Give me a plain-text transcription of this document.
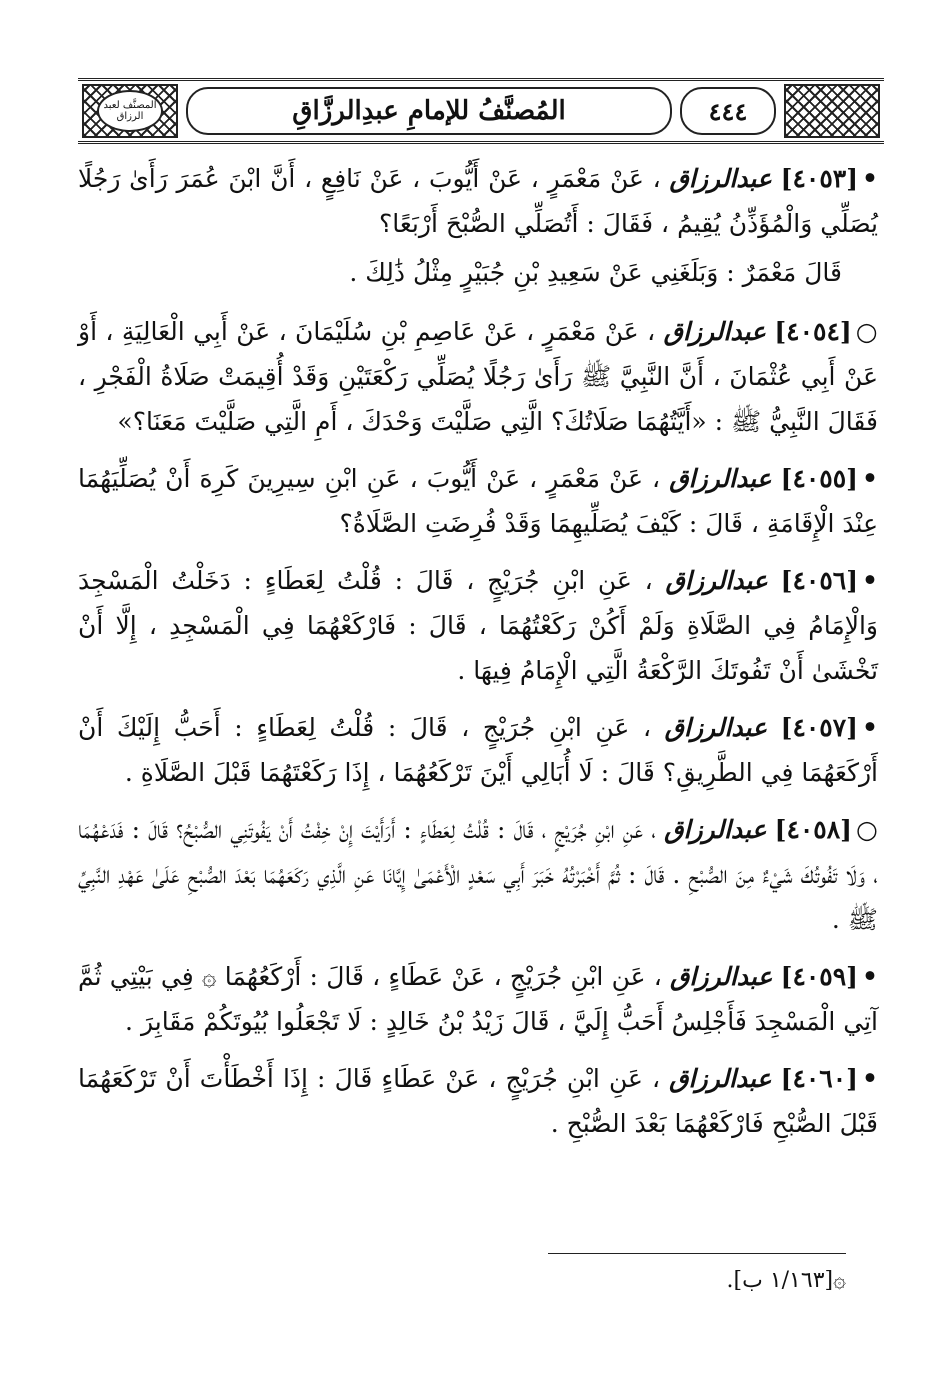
المصنَّف لعبد الرزاق	المُصنَّفُ للإمامِ عبدِالرزَّاقِ	٤٤٤
•[٤٠٥٣] عبدالرزاق ، عَنْ مَعْمَرٍ ، عَنْ أَيُّوبَ ، عَنْ نَافِعٍ ، أَنَّ ابْنَ عُمَرَ رَأَىٰ رَجُلًا يُصَلِّي وَالْمُؤَذِّنُ يُقِيمُ ، فَقَالَ : أَتُصَلِّي الصُّبْحَ أَرْبَعًا؟
قَالَ مَعْمَرٌ : وَبَلَغَنِي عَنْ سَعِيدِ بْنِ جُبَيْرٍ مِثْلُ ذَٰلِكَ .
○[٤٠٥٤] عبدالرزاق ، عَنْ مَعْمَرٍ ، عَنْ عَاصِمِ بْنِ سُلَيْمَانَ ، عَنْ أَبِي الْعَالِيَةِ ، أَوْ عَنْ أَبِي عُثْمَانَ ، أَنَّ النَّبِيَّ ﷺ رَأَىٰ رَجُلًا يُصَلِّي رَكْعَتَيْنِ وَقَدْ أُقِيمَتْ صَلَاةُ الْفَجْرِ ، فَقَالَ النَّبِيُّ ﷺ : «أَيَّتُهُمَا صَلَاتُكَ؟ الَّتِي صَلَّيْتَ وَحْدَكَ ، أَمِ الَّتِي صَلَّيْتَ مَعَنَا؟»
•[٤٠٥٥] عبدالرزاق ، عَنْ مَعْمَرٍ ، عَنْ أَيُّوبَ ، عَنِ ابْنِ سِيرِينَ كَرِهَ أَنْ يُصَلِّيَهُمَا عِنْدَ الْإِقَامَةِ ، قَالَ : كَيْفَ يُصَلِّيهِمَا وَقَدْ فُرِضَتِ الصَّلَاةُ؟
•[٤٠٥٦] عبدالرزاق ، عَنِ ابْنِ جُرَيْجٍ ، قَالَ : قُلْتُ لِعَطَاءٍ : دَخَلْتُ الْمَسْجِدَ وَالْإِمَامُ فِي الصَّلَاةِ وَلَمْ أَكُنْ رَكَعْتُهُمَا ، قَالَ : فَارْكَعْهُمَا فِي الْمَسْجِدِ ، إِلَّا أَنْ تَخْشَىٰ أَنْ تَفُوتَكَ الرَّكْعَةُ الَّتِي الْإِمَامُ فِيهَا .
•[٤٠٥٧] عبدالرزاق ، عَنِ ابْنِ جُرَيْجٍ ، قَالَ : قُلْتُ لِعَطَاءٍ : أَحَبُّ إِلَيْكَ أَنْ أَرْكَعَهُمَا فِي الطَّرِيقِ؟ قَالَ : لَا أُبَالِي أَيْنَ تَرْكَعُهُمَا ، إِذَا رَكَعْتَهُمَا قَبْلَ الصَّلَاةِ .
○[٤٠٥٨] عبدالرزاق ، عَنِ ابْنِ جُرَيْجٍ ، قَالَ : قُلْتُ لِعَطَاءٍ : أَرَأَيْتَ إِنْ خِفْتُ أَنْ يَفُوتَنِي الصُّبْحُ؟ قَالَ : فَدَعْهُمَا ، وَلَا تَفُوتُكَ شَيْءٌ مِنَ الصُّبْحِ . قَالَ : ثُمَّ أَخْبَرْتُهُ خَبَرَ أَبِي سَعْدٍ الْأَعْمَىٰ إِيَّانَا عَنِ الَّذِي رَكَعَهُمَا بَعْدَ الصُّبْحِ عَلَىٰ عَهْدِ النَّبِيِّ ﷺ .
•[٤٠٥٩] عبدالرزاق ، عَنِ ابْنِ جُرَيْجٍ ، عَنْ عَطَاءٍ ، قَالَ : أَرْكَعُهُمَا ۞ فِي بَيْتِي ثُمَّ آتِي الْمَسْجِدَ فَأَجْلِسُ أَحَبُّ إِلَيَّ ، قَالَ زَيْدُ بْنُ خَالِدٍ : لَا تَجْعَلُوا بُيُوتَكُمْ مَقَابِرَ .
•[٤٠٦٠] عبدالرزاق ، عَنِ ابْنِ جُرَيْجٍ ، عَنْ عَطَاءٍ قَالَ : إِذَا أَخْطَأْتَ أَنْ تَرْكَعَهُمَا قَبْلَ الصُّبْحِ فَارْكَعْهُمَا بَعْدَ الصُّبْحِ .
۞[١/١٦٣ ب].
